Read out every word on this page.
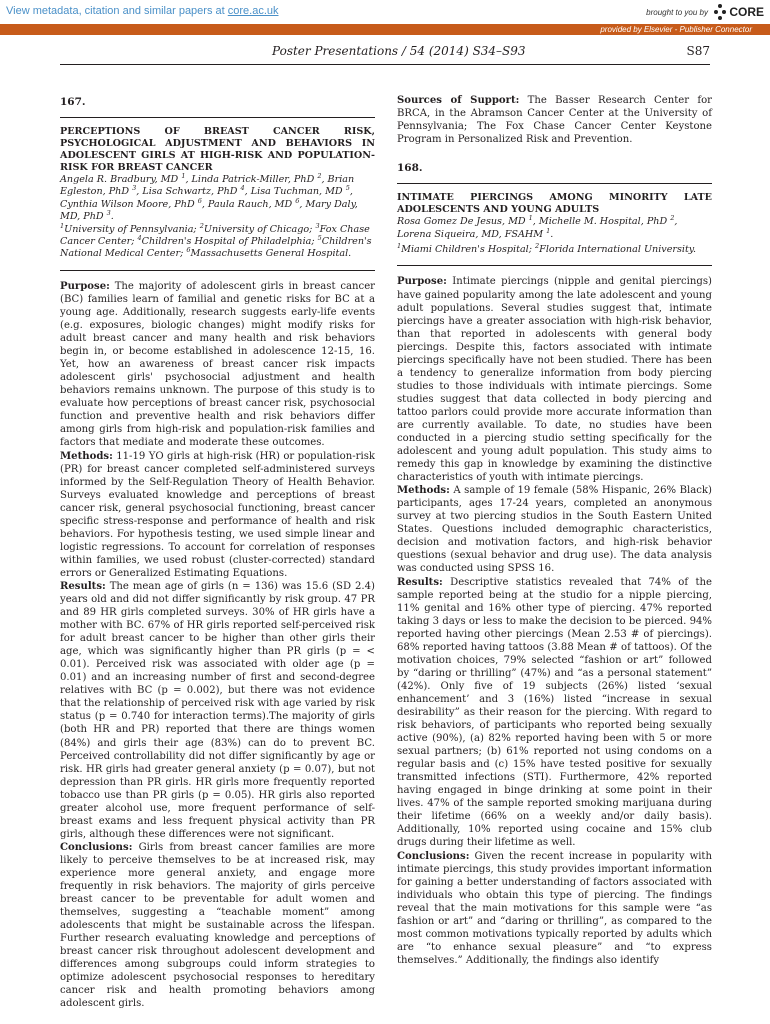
View metadata, citation and similar papers at core.ac.uk	brought to you by CORE
provided by Elsevier - Publisher Connector
Poster Presentations / 54 (2014) S34–S93	S87
167.
PERCEPTIONS OF BREAST CANCER RISK, PSYCHOLOGICAL ADJUSTMENT AND BEHAVIORS IN ADOLESCENT GIRLS AT HIGH-RISK AND POPULATION-RISK FOR BREAST CANCER
Angela R. Bradbury, MD $^1$, Linda Patrick-Miller, PhD $^2$, Brian Egleston, PhD $^3$, Lisa Schwartz, PhD $^4$, Lisa Tuchman, MD $^5$, Cynthia Wilson Moore, PhD $^6$, Paula Rauch, MD $^6$, Mary Daly, MD, PhD $^3$.
$^1$University of Pennsylvania; $^2$University of Chicago; $^3$Fox Chase Cancer Center; $^4$Children's Hospital of Philadelphia; $^5$Children's National Medical Center; $^6$Massachusetts General Hospital.

Purpose: The majority of adolescent girls in breast cancer (BC) families learn of familial and genetic risks for BC at a young age. Additionally, research suggests early-life events (e.g. exposures, biologic changes) might modify risks for adult breast cancer and many health and risk behaviors begin in, or become established in adolescence 12-15, 16. Yet, how an awareness of breast cancer risk impacts adolescent girls' psychosocial adjustment and health behaviors remains unknown. The purpose of this study is to evaluate how perceptions of breast cancer risk, psychosocial function and preventive health and risk behaviors differ among girls from high-risk and population-risk families and factors that mediate and moderate these outcomes.

Methods: 11-19 YO girls at high-risk (HR) or population-risk (PR) for breast cancer completed self-administered surveys informed by the Self-Regulation Theory of Health Behavior. Surveys evaluated knowledge and perceptions of breast cancer risk, general psychosocial functioning, breast cancer specific stress-response and performance of health and risk behaviors. For hypothesis testing, we used simple linear and logistic regressions. To account for correlation of responses within families, we used robust (cluster-corrected) standard errors or Generalized Estimating Equations.

Results: The mean age of girls (n = 136) was 15.6 (SD 2.4) years old and did not differ significantly by risk group. 47 PR and 89 HR girls completed surveys. 30% of HR girls have a mother with BC. 67% of HR girls reported self-perceived risk for adult breast cancer to be higher than other girls their age, which was significantly higher than PR girls (p = < 0.01). Perceived risk was associated with older age (p = 0.01) and an increasing number of first and second-degree relatives with BC (p = 0.002), but there was not evidence that the relationship of perceived risk with age varied by risk status (p = 0.740 for interaction terms).The majority of girls (both HR and PR) reported that there are things women (84%) and girls their age (83%) can do to prevent BC. Perceived controllability did not differ significantly by age or risk. HR girls had greater general anxiety (p = 0.07), but not depression than PR girls. HR girls more frequently reported tobacco use than PR girls (p = 0.05). HR girls also reported greater alcohol use, more frequent performance of self-breast exams and less frequent physical activity than PR girls, although these differences were not significant.

Conclusions: Girls from breast cancer families are more likely to perceive themselves to be at increased risk, may experience more general anxiety, and engage more frequently in risk behaviors. The majority of girls perceive breast cancer to be preventable for adult women and themselves, suggesting a “teachable moment” among adolescents that might be sustainable across the lifespan. Further research evaluating knowledge and perceptions of breast cancer risk throughout adolescent development and differences among subgroups could inform strategies to optimize adolescent psychosocial responses to hereditary cancer risk and health promoting behaviors among adolescent girls.

Sources of Support: The Basser Research Center for BRCA, in the Abramson Cancer Center at the University of Pennsylvania; The Fox Chase Cancer Center Keystone Program in Personalized Risk and Prevention.

168.
INTIMATE PIERCINGS AMONG MINORITY LATE ADOLESCENTS AND YOUNG ADULTS
Rosa Gomez De Jesus, MD $^1$, Michelle M. Hospital, PhD $^2$, Lorena Siqueira, MD, FSAHM $^1$.
$^1$Miami Children's Hospital; $^2$Florida International University.

Purpose: Intimate piercings (nipple and genital piercings) have gained popularity among the late adolescent and young adult populations. Several studies suggest that, intimate piercings have a greater association with high-risk behavior, than that reported in adolescents with general body piercings. Despite this, factors associated with intimate piercings specifically have not been studied. There has been a tendency to generalize information from body piercing studies to those individuals with intimate piercings. Some studies suggest that data collected in body piercing and tattoo parlors could provide more accurate information than are currently available. To date, no studies have been conducted in a piercing studio setting specifically for the adolescent and young adult population. This study aims to remedy this gap in knowledge by examining the distinctive characteristics of youth with intimate piercings.

Methods: A sample of 19 female (58% Hispanic, 26% Black) participants, ages 17-24 years, completed an anonymous survey at two piercing studios in the South Eastern United States. Questions included demographic characteristics, decision and motivation factors, and high-risk behavior questions (sexual behavior and drug use). The data analysis was conducted using SPSS 16.

Results: Descriptive statistics revealed that 74% of the sample reported being at the studio for a nipple piercing, 11% genital and 16% other type of piercing. 47% reported taking 3 days or less to make the decision to be pierced. 94% reported having other piercings (Mean 2.53 # of piercings). 68% reported having tattoos (3.88 Mean # of tattoos). Of the motivation choices, 79% selected “fashion or art” followed by “daring or thrilling” (47%) and “as a personal statement” (42%). Only five of 19 subjects (26%) listed ‘sexual enhancement’ and 3 (16%) listed “increase in sexual desirability” as their reason for the piercing. With regard to risk behaviors, of participants who reported being sexually active (90%), (a) 82% reported having been with 5 or more sexual partners; (b) 61% reported not using condoms on a regular basis and (c) 15% have tested positive for sexually transmitted infections (STI). Furthermore, 42% reported having engaged in binge drinking at some point in their lives. 47% of the sample reported smoking marijuana during their lifetime (66% on a weekly and/or daily basis). Additionally, 10% reported using cocaine and 15% club drugs during their lifetime as well.

Conclusions: Given the recent increase in popularity with intimate piercings, this study provides important information for gaining a better understanding of factors associated with individuals who obtain this type of piercing. The findings reveal that the main motivations for this sample were “as fashion or art” and “daring or thrilling”, as compared to the most common motivations typically reported by adults which are “to enhance sexual pleasure” and “to express themselves.” Additionally, the findings also identify
